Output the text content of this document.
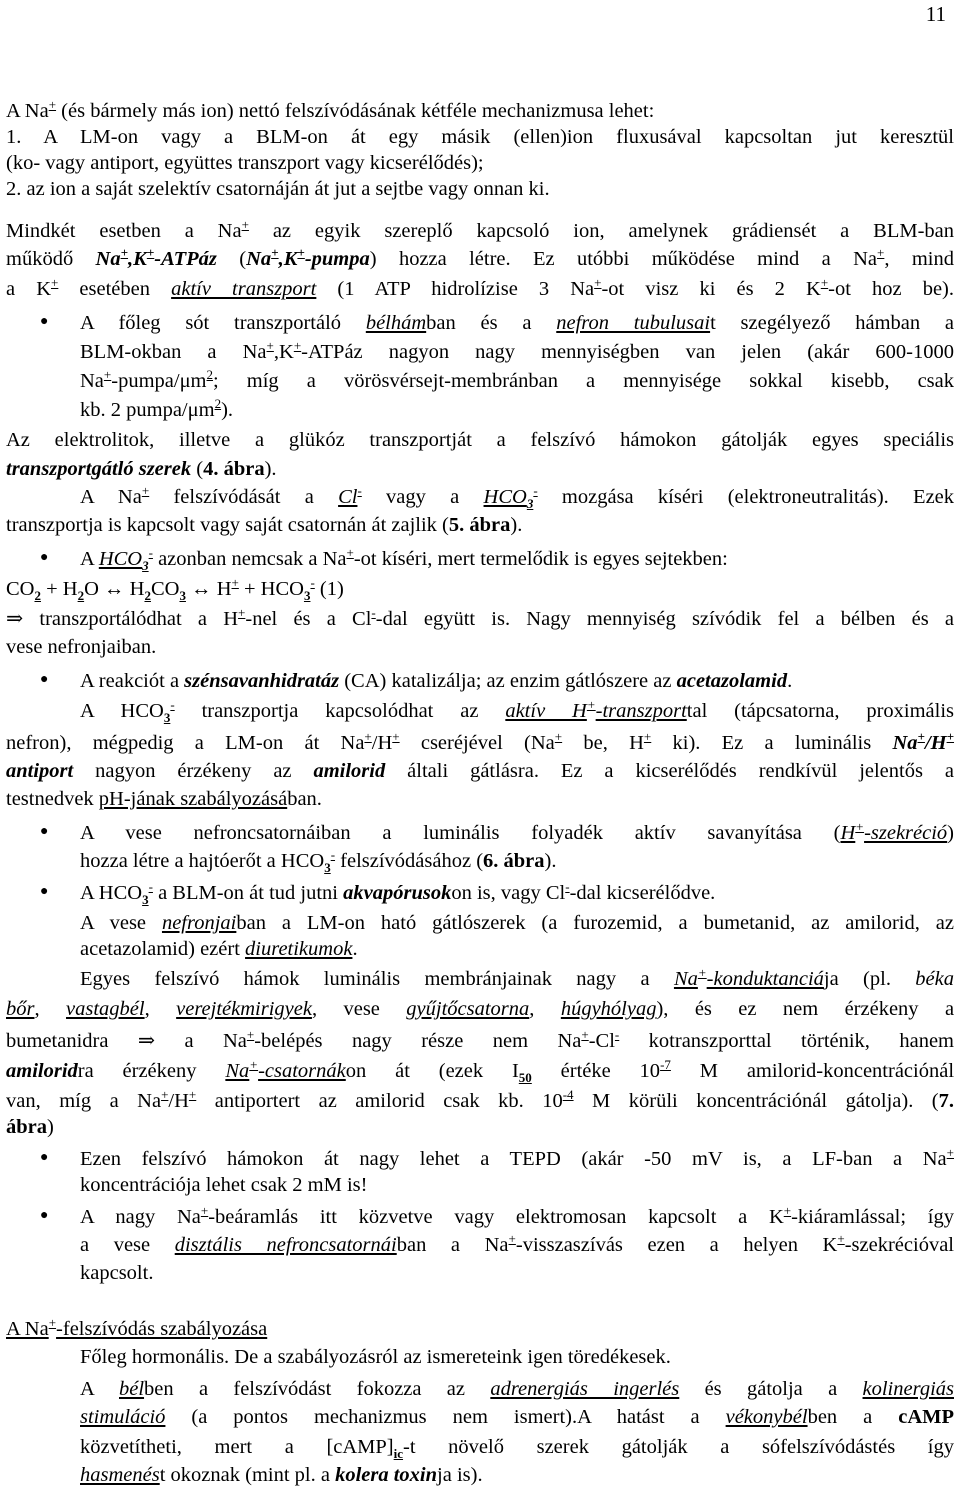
11
A Na+ (és bármely más ion) nettó felszívódásának kétféle mechanizmusa lehet:
1. A LM-on vagy a BLM-on át egy másik (ellen)ion fluxusával kapcsoltan jut keresztül
(ko- vagy antiport, együttes transzport vagy kicserélődés);
2. az ion a saját szelektív csatornáján át jut a sejtbe vagy onnan ki.
Mindkét esetben a Na+ az egyik szereplő kapcsoló ion, amelynek grádiensét a BLM-ban
működő Na+,K+-ATPáz (Na+,K+-pumpa) hozza létre. Ez utóbbi működése mind a Na+, mind
a K+ esetében aktív transzport (1 ATP hidrolízise 3 Na+-ot visz ki és 2 K+-ot hoz be).
A főleg sót transzportáló bélhámban és a nefron tubulusait szegélyező hámban a
●
BLM-okban a Na+,K+-ATPáz nagyon nagy mennyiségben van jelen (akár 600-1000
$Na^+-pumpa/\mu m^2$; míg a vörösvérsejt-membránban a mennyisége sokkal kisebb, csak
kb. 2 pumpa/$\mu m^2$).
Az elektrolitok, illetve a glükóz transzportját a felszívó hámokon gátolják egyes speciális
transzportgátló szerek (4. ábra).
A Na+ felszívódását a Cl- vagy a $HCO_3^-$ mozgása kíséri (elektroneutralitás). Ezek
transzportja is kapcsolt vagy saját csatornán át zajlik (5. ábra).
A $HCO_3^-$ azonban nemcsak a Na+-ot kíséri, mert termelődik is egyes sejtekben:
●
$CO_2 + H_2O$ ↔ $H_2CO_3$ ↔ $H^+ + HCO_3^-$ (1)
⇒ transzportálódhat a H+-nel és a Cl--dal együtt is. Nagy mennyiség szívódik fel a bélben és a
vese nefronjaiban.
A reakciót a szénsavanhidratáz (CA) katalizálja; az enzim gátlószere az acetazolamid.
●
A $HCO_3^-$ transzportja kapcsolódhat az aktív H+-transzporttal (tápcsatorna, proximális
nefron), mégpedig a LM-on át Na+/H+ cseréjével (Na+ be, H+ ki). Ez a luminális Na+/H+
antiport nagyon érzékeny az amilorid általi gátlásra. Ez a kicserélődés rendkívül jelentős a
testnedvek pH-jának szabályozásában.
A vese nefroncsatornáiban a luminális folyadék aktív savanyítása (H+-szekréció)
●
hozza létre a hajtóerőt a $HCO_3^-$ felszívódásához (6. ábra).
A $HCO_3^-$ a BLM-on át tud jutni akvapórusokon is, vagy Cl--dal kicserélődve.
●
A vese nefronjaiban a LM-on ható gátlószerek (a furozemid, a bumetanid, az amilorid, az
acetazolamid) ezért diuretikumok.
Egyes felszívó hámok luminális membránjainak nagy a Na+-konduktanciája (pl. béka
bőr, vastagbél, verejtékmirigyek, vese gyűjtőcsatorna, húgyhólyag), és ez nem érzékeny a
bumetanidra ⇒ a Na+-belépés nagy része nem Na+-Cl- kotranszporttal történik, hanem
amiloridra érzékeny Na+-csatornákon át (ezek $I_{50}$ értéke $10^{-7}$ M amilorid-koncentrációnál
van, míg a Na+/H+ antiportert az amilorid csak kb. $10^{-4}$ M körüli koncentrációnál gátolja). (7.
ábra)
Ezen felszívó hámokon át nagy lehet a TEPD (akár -50 mV is, a LF-ban a Na+
●
koncentrációja lehet csak 2 mM is!
A nagy Na+-beáramlás itt közvetve vagy elektromosan kapcsolt a K+-kiáramlással; így
●
a vese disztális nefroncsatornáiban a Na+-visszaszívás ezen a helyen K+-szekrécióval
kapcsolt.
A Na+-felszívódás szabályozása
Főleg hormonális. De a szabályozásról az ismereteink igen töredékesek.
A bélben a felszívódást fokozza az adrenergiás ingerlés és gátolja a kolinergiás
stimuláció (a pontos mechanizmus nem ismert).A hatást a vékonybélben a cAMP
közvetítheti, mert a $[cAMP]_{ic}-t$ növelő szerek gátolják a sófelszívódástés így
hasmenést okoznak (mint pl. a kolera toxinja is).
